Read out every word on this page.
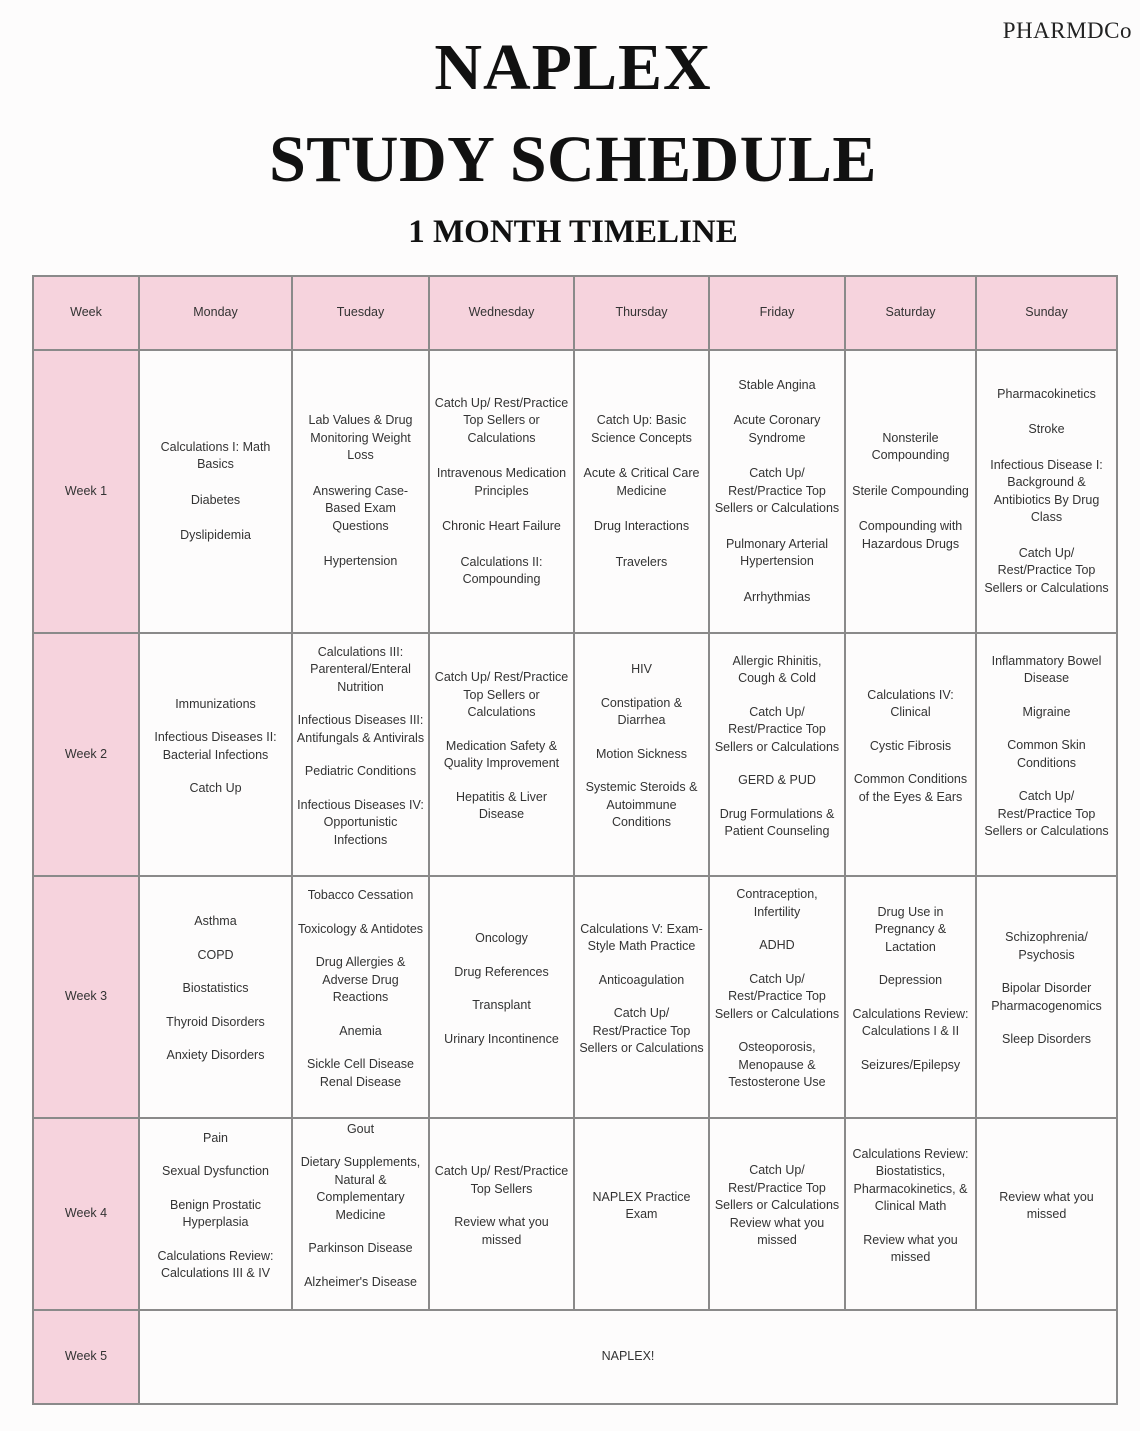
PHARMDCo
NAPLEX
STUDY SCHEDULE
1 MONTH TIMELINE
Week	Monday	Tuesday	Wednesday	Thursday	Friday	Saturday	Sunday
Week 1	Calculations I: Math Basics
Diabetes
Dyslipidemia	Lab Values & Drug Monitoring Weight Loss
Answering Case-Based Exam Questions
Hypertension	Catch Up/ Rest/Practice Top Sellers or Calculations
Intravenous Medication Principles
Chronic Heart Failure
Calculations II: Compounding	Catch Up: Basic Science Concepts
Acute & Critical Care Medicine
Drug Interactions
Travelers	Stable Angina
Acute Coronary Syndrome
Catch Up/ Rest/Practice Top Sellers or Calculations
Pulmonary Arterial Hypertension
Arrhythmias	Nonsterile Compounding
Sterile Compounding
Compounding with Hazardous Drugs	Pharmacokinetics
Stroke
Infectious Disease I: Background & Antibiotics By Drug Class
Catch Up/ Rest/Practice Top Sellers or Calculations

Week 2	Immunizations
Infectious Diseases II: Bacterial Infections
Catch Up	Calculations III: Parenteral/Enteral Nutrition
Infectious Diseases III: Antifungals & Antivirals
Pediatric Conditions
Infectious Diseases IV: Opportunistic Infections	Catch Up/ Rest/Practice Top Sellers or Calculations
Medication Safety & Quality Improvement
Hepatitis & Liver Disease	HIV
Constipation & Diarrhea
Motion Sickness
Systemic Steroids & Autoimmune Conditions	Allergic Rhinitis, Cough & Cold
Catch Up/ Rest/Practice Top Sellers or Calculations
GERD & PUD
Drug Formulations & Patient Counseling	Calculations IV: Clinical
Cystic Fibrosis
Common Conditions of the Eyes & Ears	Inflammatory Bowel Disease
Migraine
Common Skin Conditions
Catch Up/ Rest/Practice Top Sellers or Calculations

Week 3	Asthma
COPD
Biostatistics
Thyroid Disorders
Anxiety Disorders	Tobacco Cessation
Toxicology & Antidotes
Drug Allergies & Adverse Drug Reactions
Anemia
Sickle Cell Disease Renal Disease	Oncology
Drug References
Transplant
Urinary Incontinence	Calculations V: Exam-Style Math Practice
Anticoagulation
Catch Up/ Rest/Practice Top Sellers or Calculations	Contraception, Infertility
ADHD
Catch Up/ Rest/Practice Top Sellers or Calculations
Osteoporosis, Menopause & Testosterone Use	Drug Use in Pregnancy & Lactation
Depression
Calculations Review: Calculations I & II
Seizures/Epilepsy	Schizophrenia/ Psychosis
Bipolar Disorder Pharmacogenomics
Sleep Disorders

Week 4	Pain
Sexual Dysfunction
Benign Prostatic Hyperplasia
Calculations Review: Calculations III & IV	Gout
Dietary Supplements, Natural & Complementary Medicine
Parkinson Disease
Alzheimer's Disease	Catch Up/ Rest/Practice Top Sellers
Review what you missed	NAPLEX Practice Exam	Catch Up/ Rest/Practice Top Sellers or Calculations Review what you missed	Calculations Review: Biostatistics, Pharmacokinetics, & Clinical Math
Review what you missed	Review what you missed

Week 5	NAPLEX!						
